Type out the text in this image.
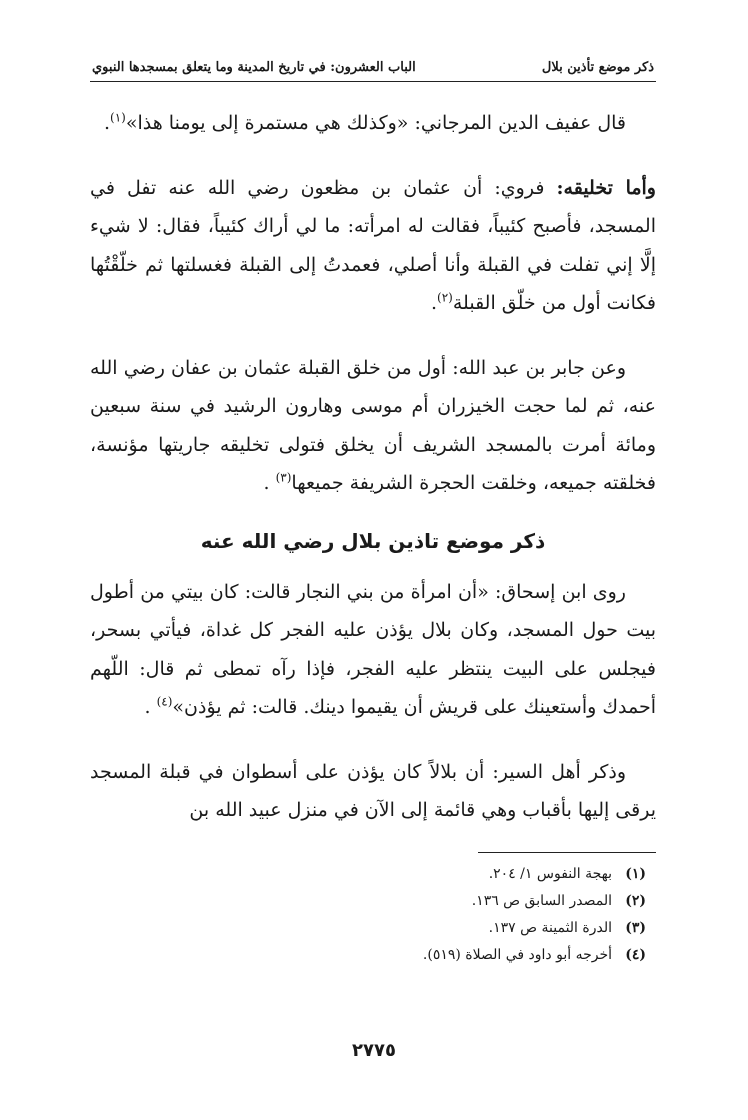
ذكر موضع تأذين بلال
الباب العشرون: في تاريخ المدينة وما يتعلق بمسجدها النبوي

قال عفيف الدين المرجاني: «وكذلك هي مستمرة إلى يومنا هذا»$^{(١)}$.

وأما تخليقه: فروي: أن عثمان بن مظعون رضي الله عنه تفل في المسجد، فأصبح كئيباً، فقالت له امرأته: ما لي أراك كئيباً، فقال: لا شيء إلَّا إني تفلت في القبلة وأنا أصلي، فعمدتُ إلى القبلة فغسلتها ثم خلّقْتُها فكانت أول من خلّق القبلة$^{(٢)}$.

وعن جابر بن عبد الله: أول من خلق القبلة عثمان بن عفان رضي الله عنه، ثم لما حجت الخيزران أم موسى وهارون الرشيد في سنة سبعين ومائة أمرت بالمسجد الشريف أن يخلق فتولى تخليقه جاريتها مؤنسة، فخلقته جميعه، وخلقت الحجرة الشريفة جميعها$^{(٣)}$ .

ذكر موضع تاذين بلال رضي الله عنه

روى ابن إسحاق: «أن امرأة من بني النجار قالت: كان بيتي من أطول بيت حول المسجد، وكان بلال يؤذن عليه الفجر كل غداة، فيأتي بسحر، فيجلس على البيت ينتظر عليه الفجر، فإذا رآه تمطى ثم قال: اللّهم أحمدك وأستعينك على قريش أن يقيموا دينك. قالت: ثم يؤذن»$^{(٤)}$ .

وذكر أهل السير: أن بلالاً كان يؤذن على أسطوان في قبلة المسجد يرقى إليها بأقباب وهي قائمة إلى الآن في منزل عبيد الله بن

(١)
بهجة النفوس ١/ ٢٠٤.
(٢)
المصدر السابق ص ١٣٦.
(٣)
الدرة الثمينة ص ١٣٧.
(٤)
أخرجه أبو داود في الصلاة (٥١٩).
٢٧٧٥
